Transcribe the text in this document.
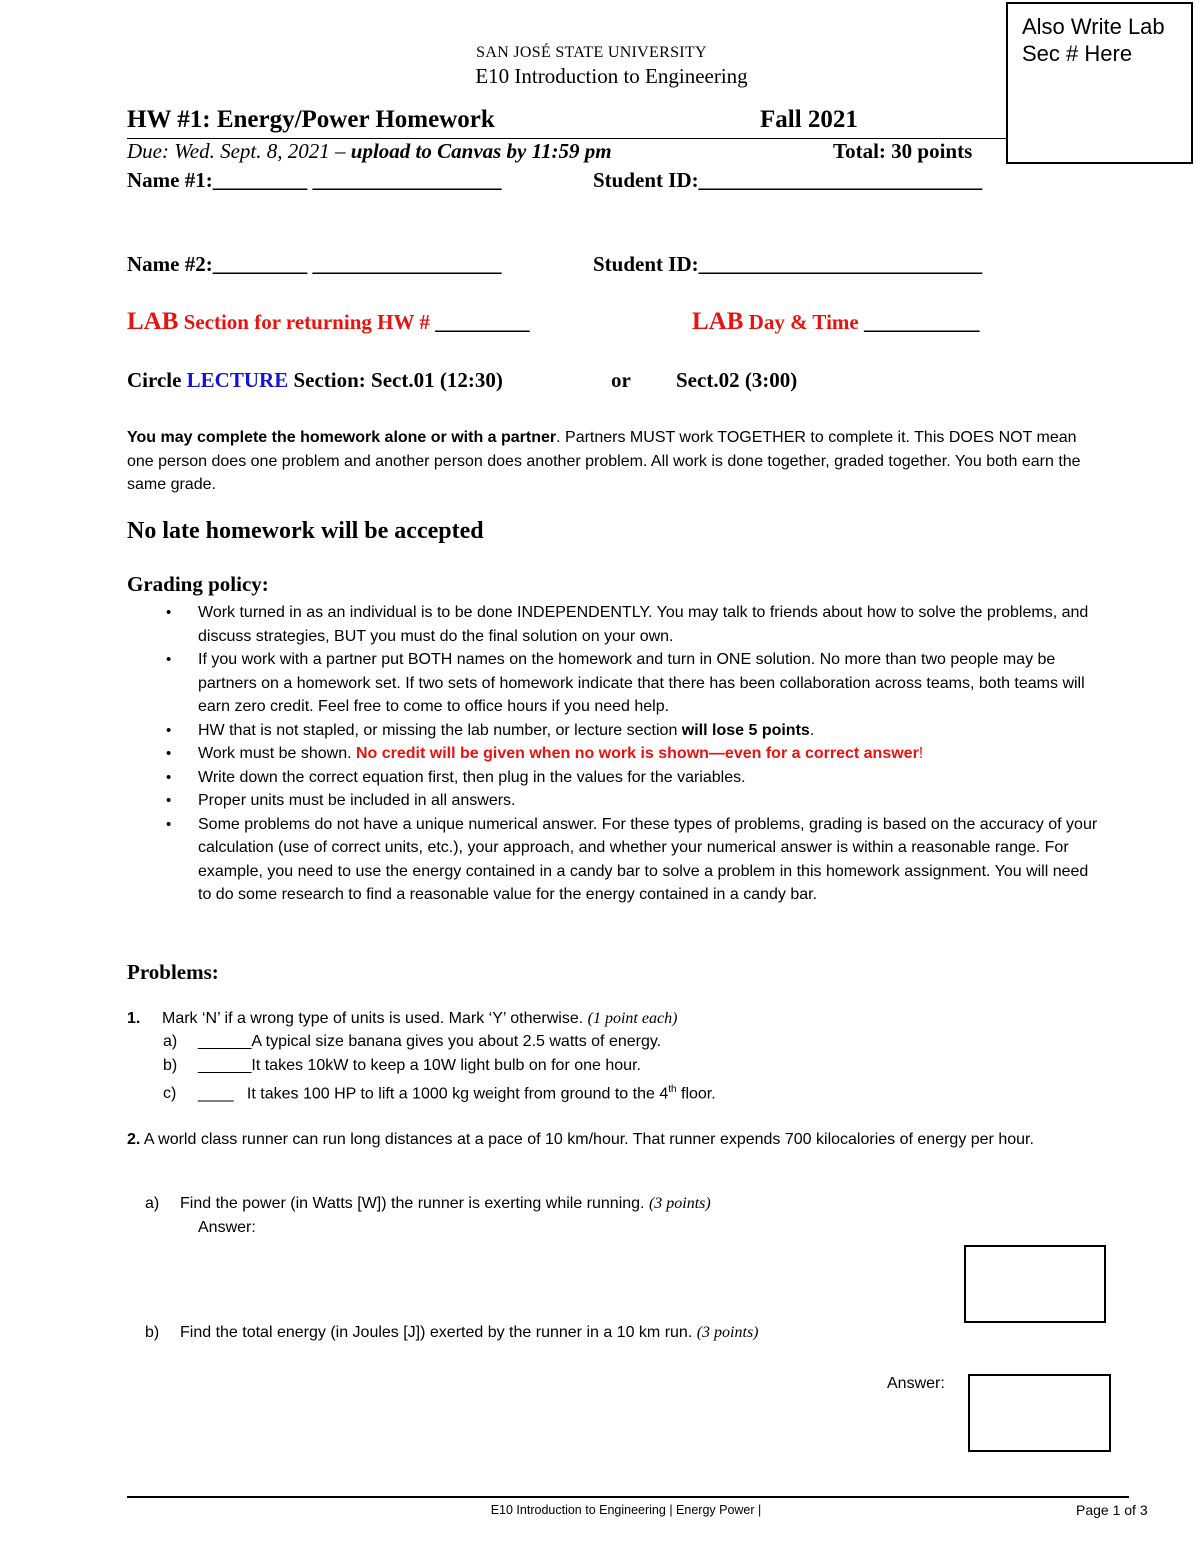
Also Write Lab
Sec # Here
SAN JOSÉ STATE UNIVERSITY
E10 Introduction to Engineering
HW #1: Energy/Power Homework	Fall 2021
Due: Wed. Sept. 8, 2021 – upload to Canvas by 11:59 pm	Total: 30 points
Name #1:_________ __________________	Student ID:___________________________
Name #2:_________ __________________	Student ID:___________________________
LAB Section for returning HW # _________	LAB Day & Time ___________
Circle LECTURE Section: Sect.01 (12:30)	or Sect.02 (3:00)
You may complete the homework alone or with a partner. Partners MUST work TOGETHER to complete it. This DOES NOT mean one person does one problem and another person does another problem. All work is done together, graded together. You both earn the same grade.
No late homework will be accepted
Grading policy:
• Work turned in as an individual is to be done INDEPENDENTLY. You may talk to friends about how to solve the problems, and discuss strategies, BUT you must do the final solution on your own.
• If you work with a partner put BOTH names on the homework and turn in ONE solution. No more than two people may be partners on a homework set. If two sets of homework indicate that there has been collaboration across teams, both teams will earn zero credit. Feel free to come to office hours if you need help.
• HW that is not stapled, or missing the lab number, or lecture section will lose 5 points.
• Work must be shown. No credit will be given when no work is shown—even for a correct answer!
• Write down the correct equation first, then plug in the values for the variables.
• Proper units must be included in all answers.
• Some problems do not have a unique numerical answer. For these types of problems, grading is based on the accuracy of your calculation (use of correct units, etc.), your approach, and whether your numerical answer is within a reasonable range. For example, you need to use the energy contained in a candy bar to solve a problem in this homework assignment. You will need to do some research to find a reasonable value for the energy contained in a candy bar.
Problems:
1. Mark ‘N’ if a wrong type of units is used. Mark ‘Y’ otherwise. (1 point each)
a) ______A typical size banana gives you about 2.5 watts of energy.
b) ______It takes 10kW to keep a 10W light bulb on for one hour.
c) ____   It takes 100 HP to lift a 1000 kg weight from ground to the 4th floor.
2. A world class runner can run long distances at a pace of 10 km/hour. That runner expends 700 kilocalories of energy per hour.
a) Find the power (in Watts [W]) the runner is exerting while running. (3 points)
Answer:
b) Find the total energy (in Joules [J]) exerted by the runner in a 10 km run. (3 points)
Answer:
E10 Introduction to Engineering | Energy Power |	Page 1 of 3
